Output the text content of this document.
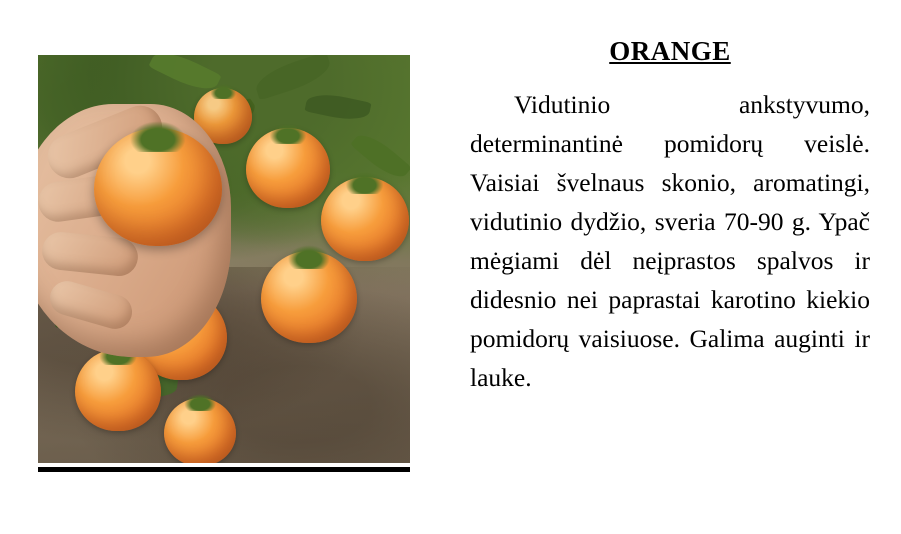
ORANGE

Vidutinio ankstyvumo, determinantinė pomidorų veislė. Vaisiai švelnaus skonio, aromatingi, vidutinio dydžio, sveria 70-90 g. Ypač mėgiami dėl neįprastos spalvos ir didesnio nei paprastai karotino kiekio pomidorų vaisiuose. Galima auginti ir lauke.
